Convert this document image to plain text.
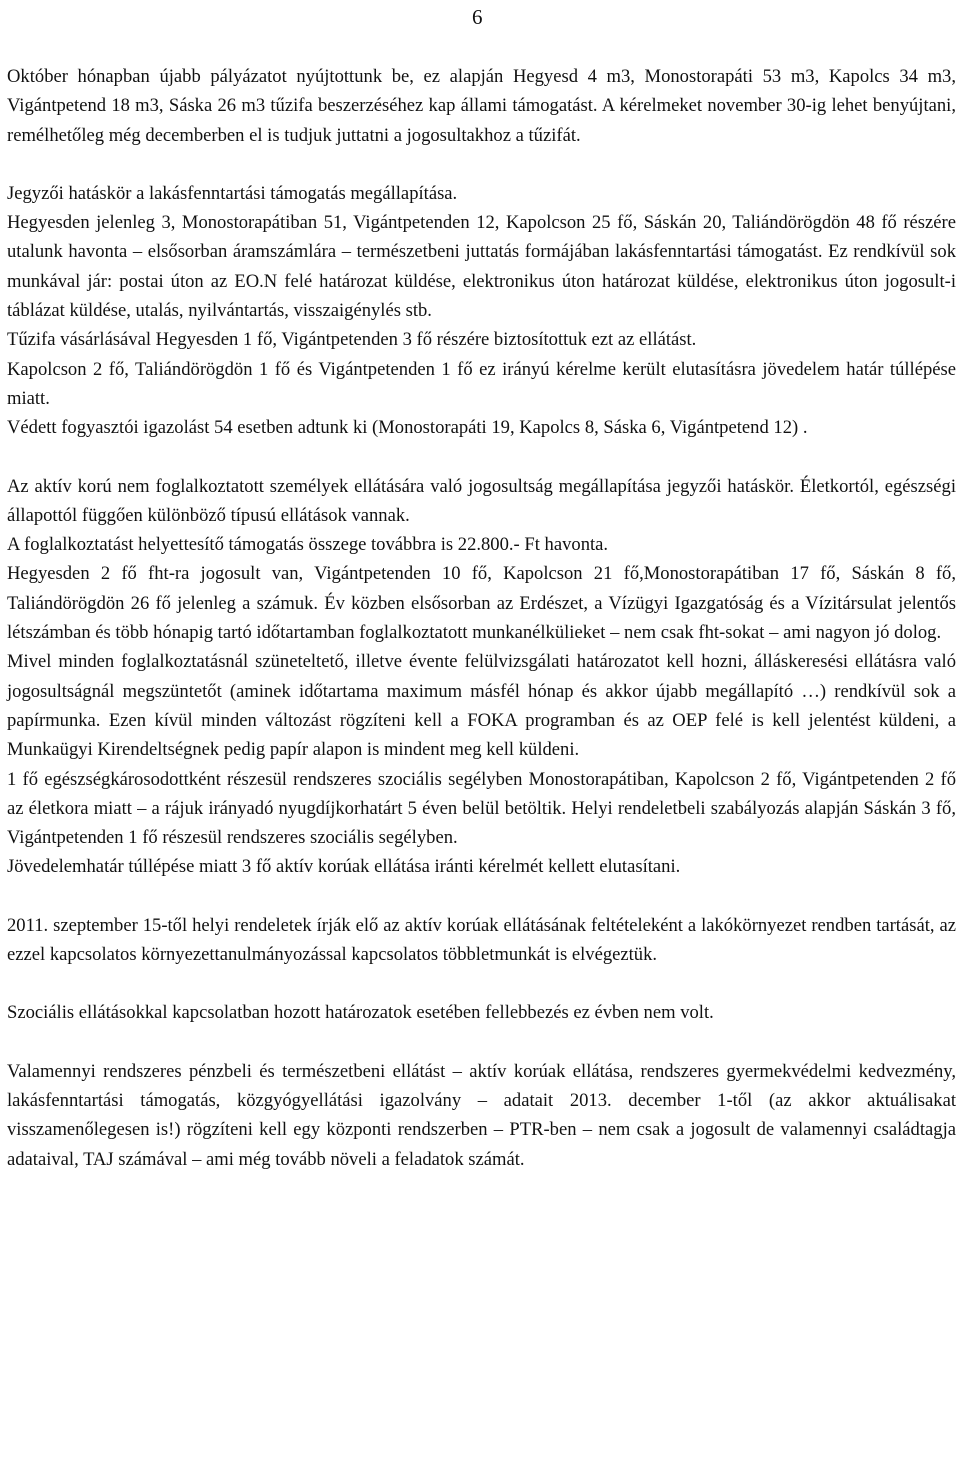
6

Október hónapban újabb pályázatot nyújtottunk be, ez alapján Hegyesd 4 m3, Monostorapáti 53 m3, Kapolcs 34 m3, Vigántpetend 18 m3, Sáska 26 m3 tűzifa beszerzéséhez kap állami támogatást. A kérelmeket november 30-ig lehet benyújtani, remélhetőleg még decemberben el is tudjuk juttatni a jogosultakhoz a tűzifát.

Jegyzői hatáskör a lakásfenntartási támogatás megállapítása.

Hegyesden jelenleg 3, Monostorapátiban 51, Vigántpetenden 12, Kapolcson 25 fő, Sáskán 20, Taliándörögdön 48 fő részére utalunk havonta – elsősorban áramszámlára – természetbeni juttatás formájában lakásfenntartási támogatást. Ez rendkívül sok munkával jár: postai úton az EO.N felé határozat küldése, elektronikus úton határozat küldése, elektronikus úton jogosult-i táblázat küldése, utalás, nyilvántartás, visszaigénylés stb.

Tűzifa vásárlásával Hegyesden 1 fő, Vigántpetenden 3 fő részére biztosítottuk ezt az ellátást.

Kapolcson 2 fő, Taliándörögdön 1 fő és Vigántpetenden 1 fő ez irányú kérelme került elutasításra jövedelem határ túllépése miatt.

Védett fogyasztói igazolást 54 esetben adtunk ki (Monostorapáti 19, Kapolcs 8, Sáska 6, Vigántpetend 12) .

Az aktív korú nem foglalkoztatott személyek ellátására való jogosultság megállapítása jegyzői hatáskör. Életkortól, egészségi állapottól függően különböző típusú ellátások vannak.

A foglalkoztatást helyettesítő támogatás összege továbbra is 22.800.- Ft havonta.

Hegyesden 2 fő fht-ra jogosult van, Vigántpetenden 10 fő, Kapolcson 21 fő,Monostorapátiban 17 fő, Sáskán 8 fő, Taliándörögdön 26 fő jelenleg a számuk. Év közben elsősorban az Erdészet, a Vízügyi Igazgatóság és a Vízitársulat jelentős létszámban és több hónapig tartó időtartamban foglalkoztatott munkanélkülieket – nem csak fht-sokat – ami nagyon jó dolog.

Mivel minden foglalkoztatásnál szüneteltető, illetve évente felülvizsgálati határozatot kell hozni, álláskeresési ellátásra való jogosultságnál megszüntetőt (aminek időtartama maximum másfél hónap és akkor újabb megállapító …) rendkívül sok a papírmunka. Ezen kívül minden változást rögzíteni kell a FOKA programban és az OEP felé is kell jelentést küldeni, a Munkaügyi Kirendeltségnek pedig papír alapon is mindent meg kell küldeni.

1 fő egészségkárosodottként részesül rendszeres szociális segélyben Monostorapátiban, Kapolcson 2 fő, Vigántpetenden 2 fő az életkora miatt – a rájuk irányadó nyugdíjkorhatárt 5 éven belül betöltik. Helyi rendeletbeli szabályozás alapján Sáskán 3 fő, Vigántpetenden 1 fő részesül rendszeres szociális segélyben.

Jövedelemhatár túllépése miatt 3 fő aktív korúak ellátása iránti kérelmét kellett elutasítani.

2011. szeptember 15-től helyi rendeletek írják elő az aktív korúak ellátásának feltételeként a lakókörnyezet rendben tartását, az ezzel kapcsolatos környezettanulmányozással kapcsolatos többletmunkát is elvégeztük.

Szociális ellátásokkal kapcsolatban hozott határozatok esetében fellebbezés ez évben nem volt.

Valamennyi rendszeres pénzbeli és természetbeni ellátást – aktív korúak ellátása, rendszeres gyermekvédelmi kedvezmény, lakásfenntartási támogatás, közgyógyellátási igazolvány – adatait 2013. december 1-től (az akkor aktuálisakat visszamenőlegesen is!) rögzíteni kell egy központi rendszerben – PTR-ben – nem csak a jogosult de valamennyi családtagja adataival, TAJ számával – ami még tovább növeli a feladatok számát.
